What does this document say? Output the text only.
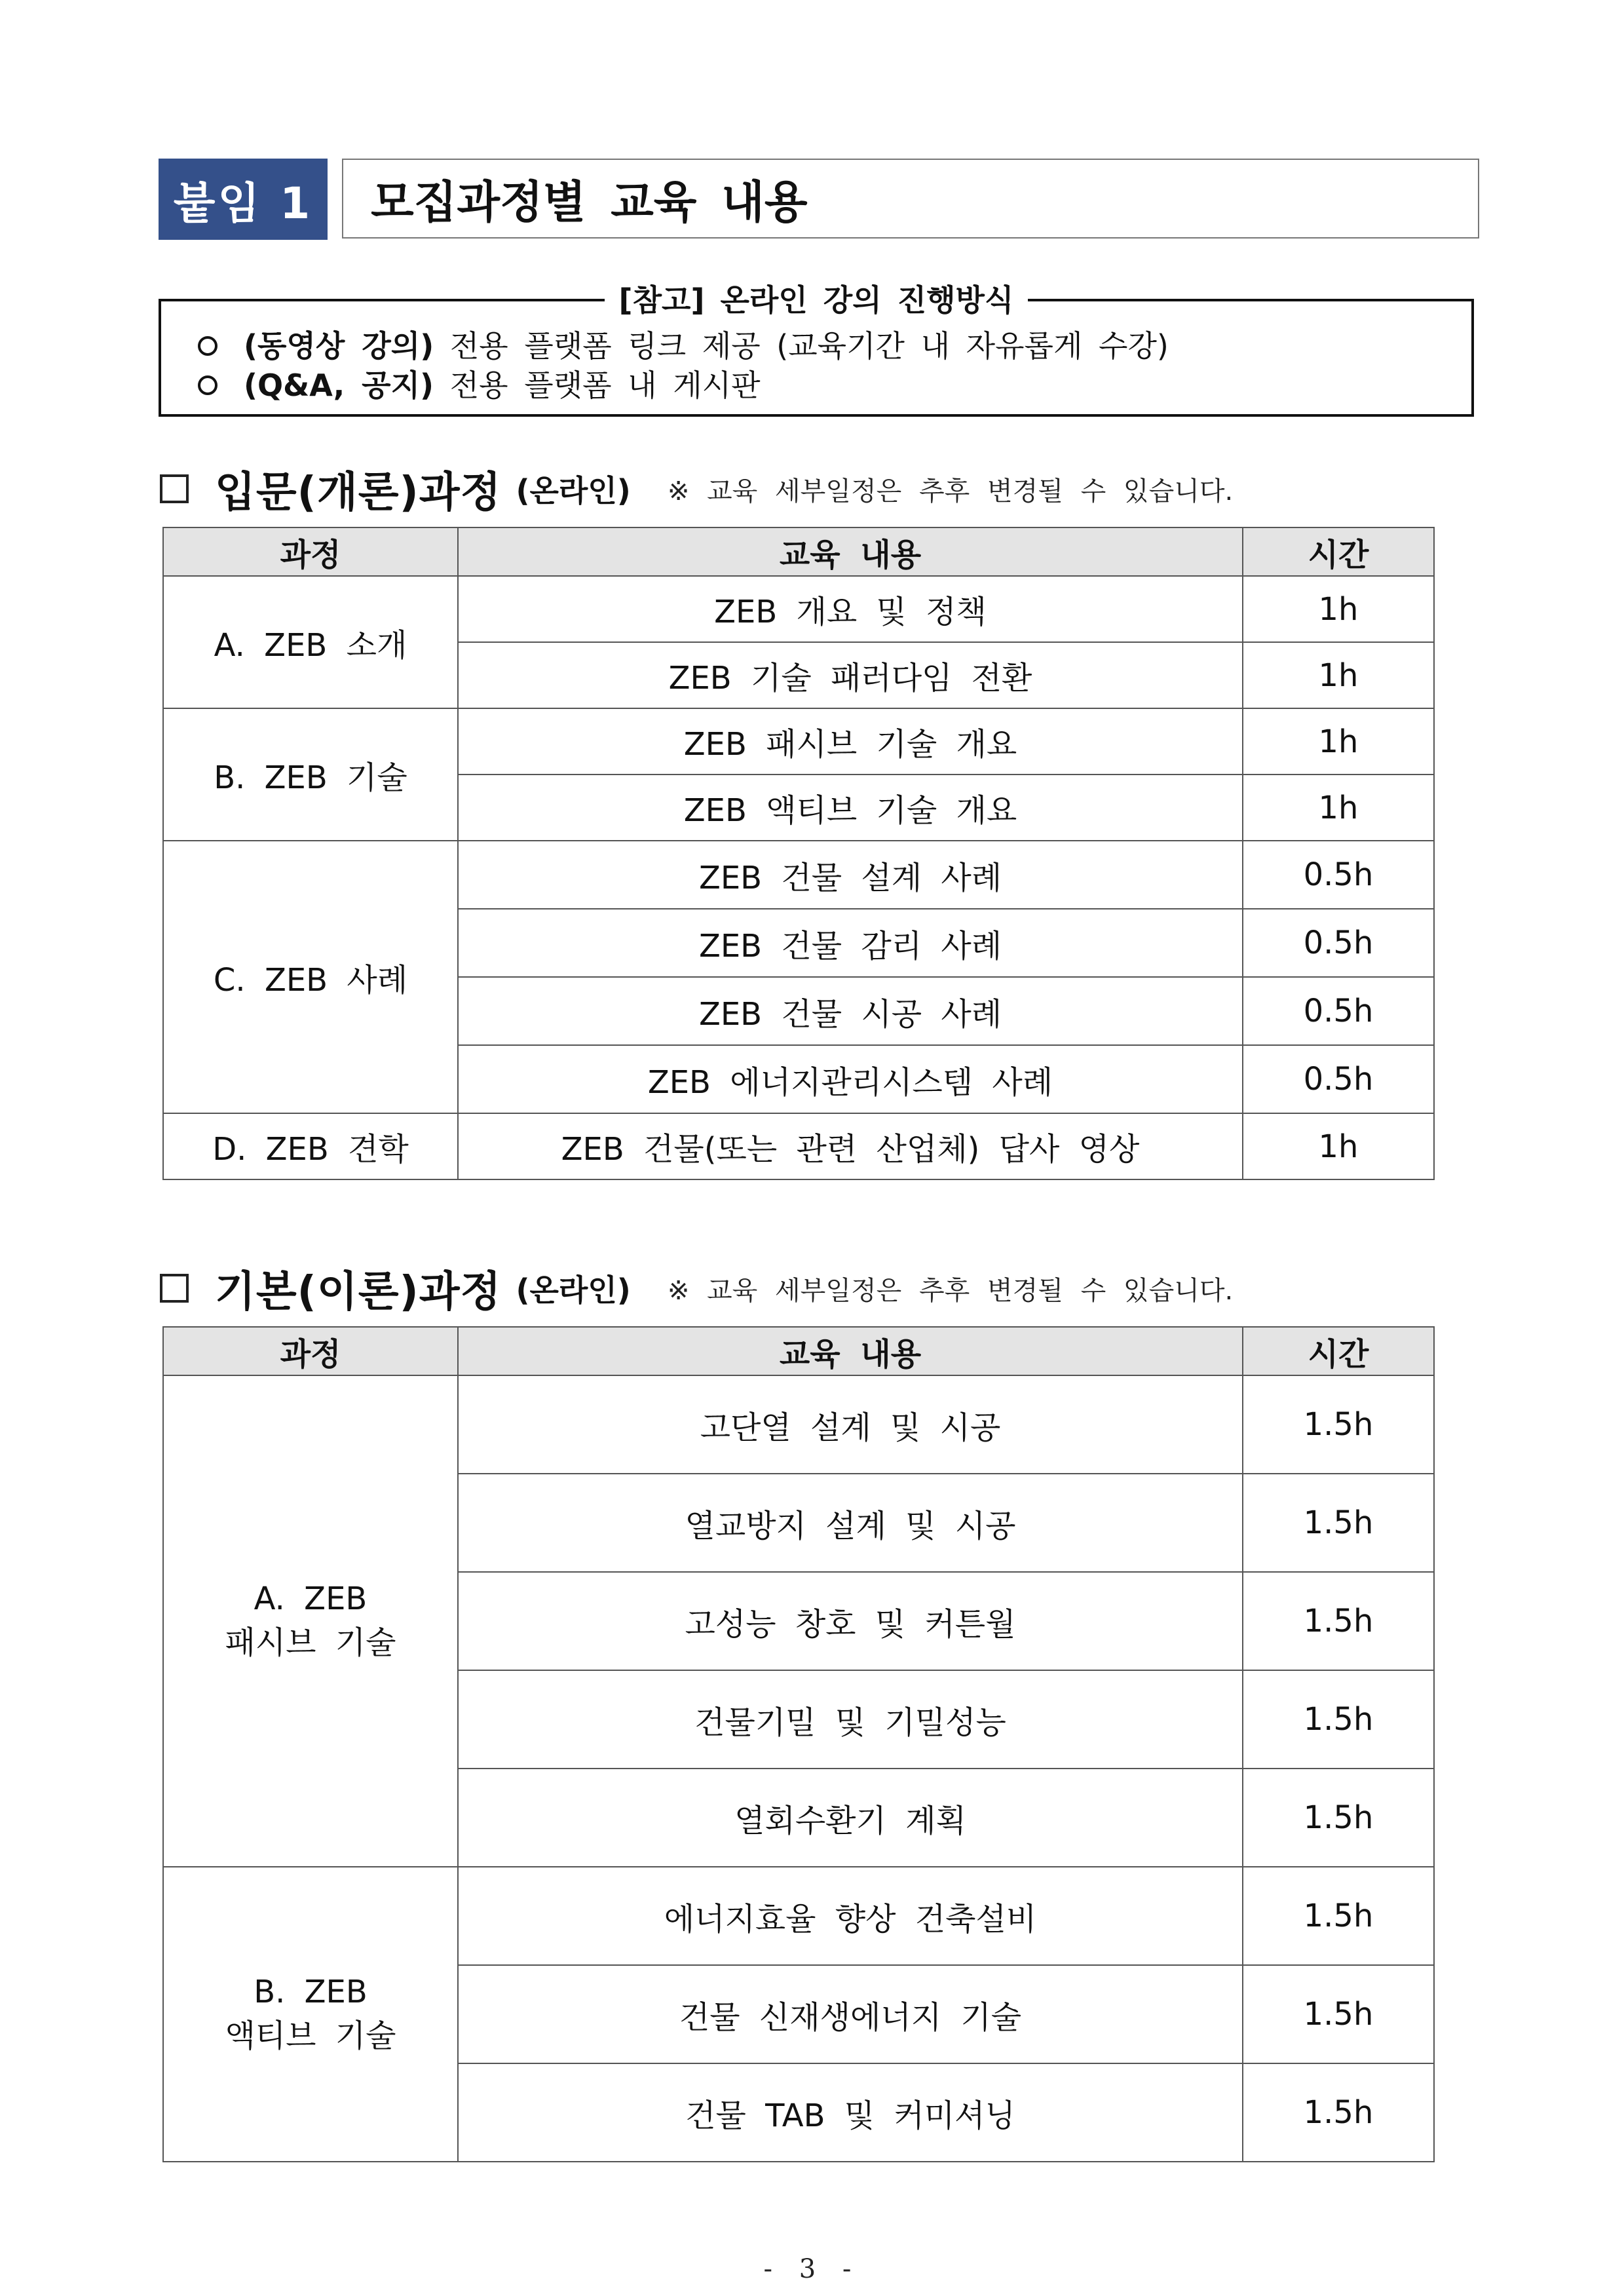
붙임 1	모집과정별 교육 내용
[참고] 온라인 강의 진행방식
(동영상 강의) 전용 플랫폼 링크 제공 (교육기간 내 자유롭게 수강)
(Q&A, 공지) 전용 플랫폼 내 게시판
입문(개론)과정 (온라인) ※ 교육 세부일정은 추후 변경될 수 있습니다.
과정	교육 내용	시간
A. ZEB 소개	ZEB 개요 및 정책	1h
	ZEB 기술 패러다임 전환	1h
B. ZEB 기술	ZEB 패시브 기술 개요	1h
	ZEB 액티브 기술 개요	1h
C. ZEB 사례	ZEB 건물 설계 사례	0.5h
	ZEB 건물 감리 사례	0.5h
	ZEB 건물 시공 사례	0.5h
	ZEB 에너지관리시스템 사례	0.5h
D. ZEB 견학	ZEB 건물(또는 관련 산업체) 답사 영상	1h
기본(이론)과정 (온라인) ※ 교육 세부일정은 추후 변경될 수 있습니다.
과정	교육 내용	시간

A. ZEB
패시브 기술	고단열 설계 및 시공	1.5h
	열교방지 설계 및 시공	1.5h
	고성능 창호 및 커튼월	1.5h
	건물기밀 및 기밀성능	1.5h
	열회수환기 계획	1.5h

B. ZEB
액티브 기술	에너지효율 향상 건축설비	1.5h
	건물 신재생에너지 기술	1.5h
	건물 TAB 및 커미셔닝	1.5h
- 3 -
